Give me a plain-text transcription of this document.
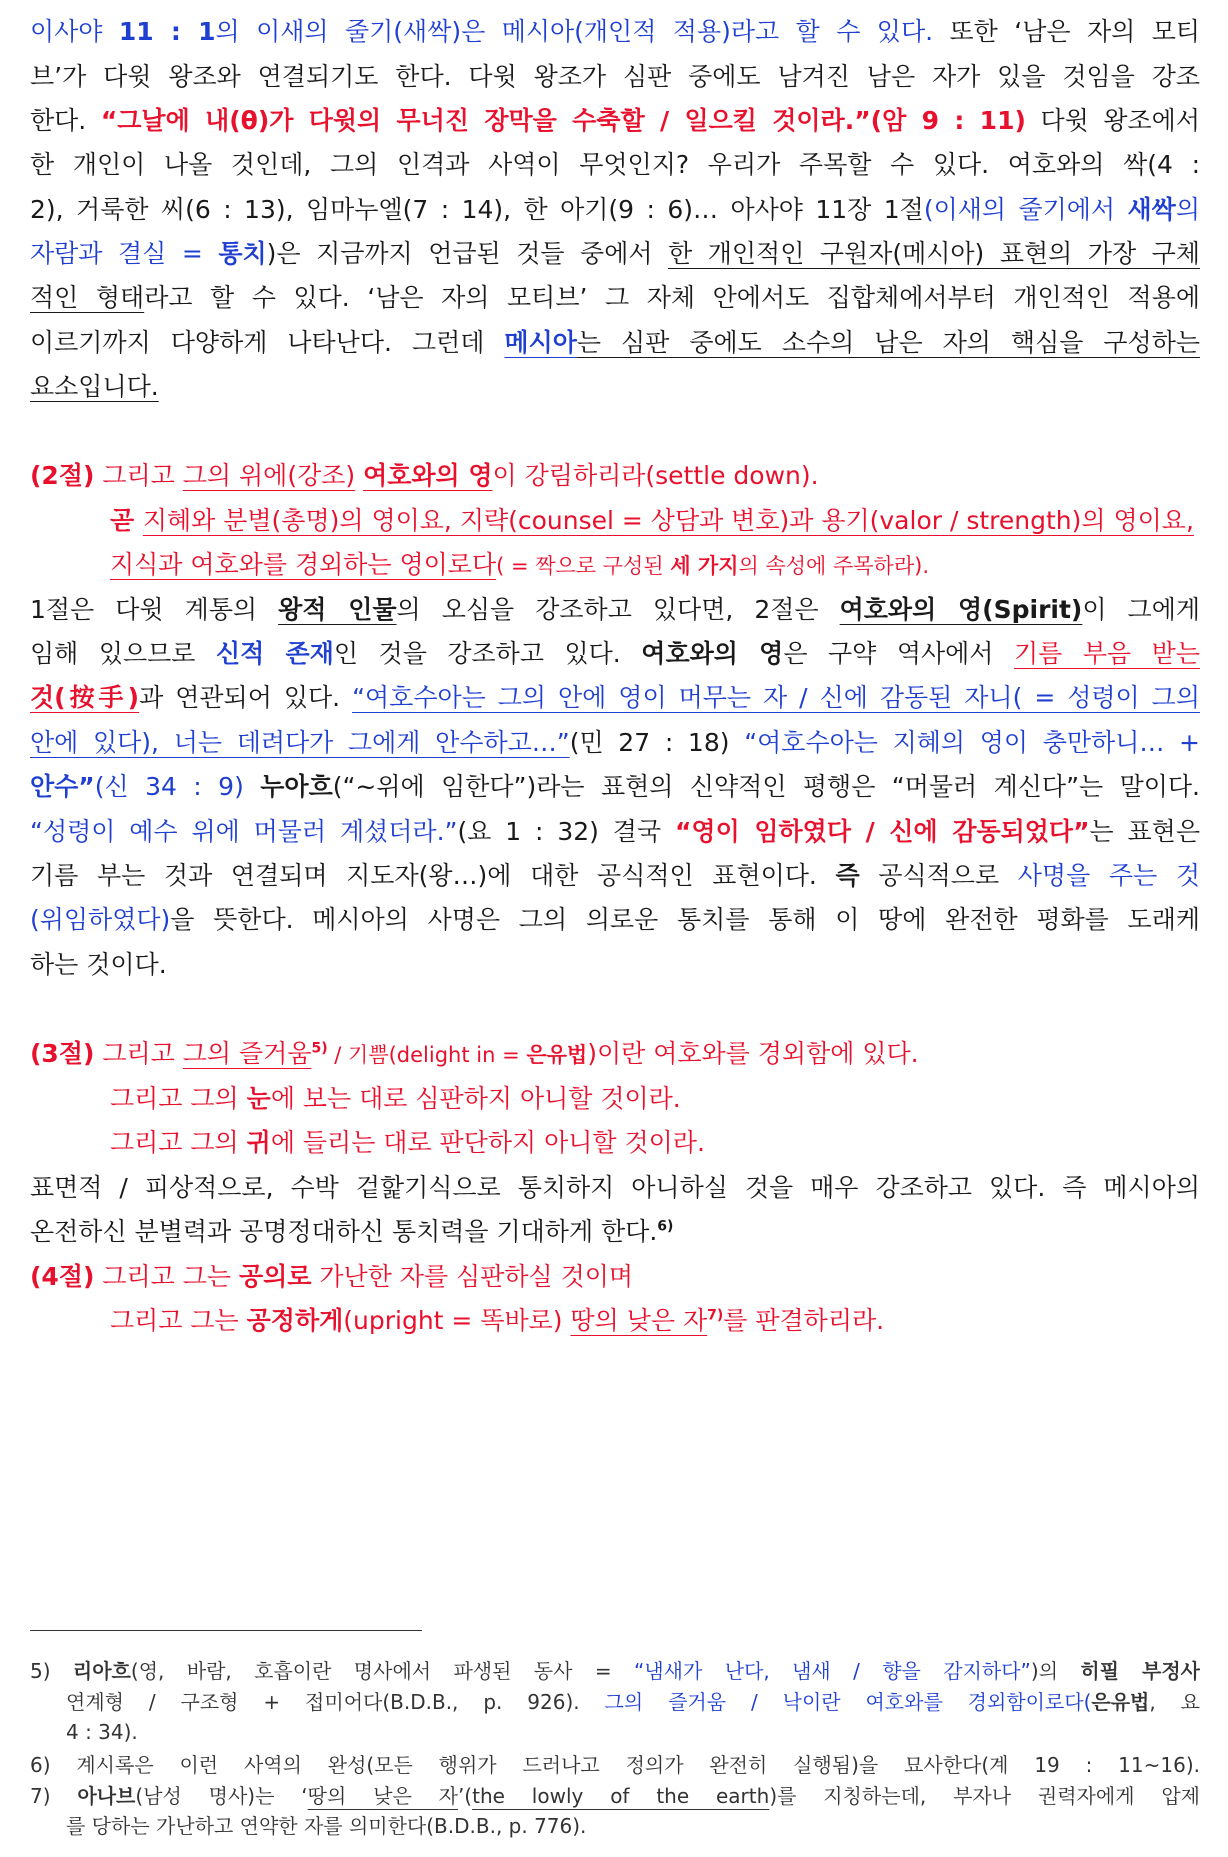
이사야 11 : 1의 이새의 줄기(새싹)은 메시아(개인적 적용)라고 할 수 있다. 또한 ‘남은 자의 모티
브’가 다윗 왕조와 연결되기도 한다. 다윗 왕조가 심판 중에도 남겨진 남은 자가 있을 것임을 강조
한다. “그날에 내(θ)가 다윗의 무너진 장막을 수축할 / 일으킬 것이라.”(암 9 : 11) 다윗 왕조에서
한 개인이 나올 것인데, 그의 인격과 사역이 무엇인지? 우리가 주목할 수 있다. 여호와의 싹(4 :
2), 거룩한 씨(6 : 13), 임마누엘(7 : 14), 한 아기(9 : 6)… 아사야 11장 1절(이새의 줄기에서 새싹의
자람과 결실 = 통치)은 지금까지 언급된 것들 중에서 한 개인적인 구원자(메시아) 표현의 가장 구체
적인 형태라고 할 수 있다. ‘남은 자의 모티브’ 그 자체 안에서도 집합체에서부터 개인적인 적용에
이르기까지 다양하게 나타난다. 그런데 메시아는 심판 중에도 소수의 남은 자의 핵심을 구성하는
요소입니다.
(2절) 그리고 그의 위에(강조) 여호와의 영이 강림하리라(settle down).
곧 지혜와 분별(총명)의 영이요, 지략(counsel = 상담과 변호)과 용기(valor / strength)의 영이요,
지식과 여호와를 경외하는 영이로다( = 짝으로 구성된 세 가지의 속성에 주목하라).
1절은 다윗 계통의 왕적 인물의 오심을 강조하고 있다면, 2절은 여호와의 영(Spirit)이 그에게
임해 있으므로 신적 존재인 것을 강조하고 있다. 여호와의 영은 구약 역사에서 기름 부음 받는
것(按手)과 연관되어 있다. “여호수아는 그의 안에 영이 머무는 자 / 신에 감동된 자니( = 성령이 그의
안에 있다), 너는 데려다가 그에게 안수하고…”(민 27 : 18) “여호수아는 지혜의 영이 충만하니… +
안수”(신 34 : 9) 누아흐(“~위에 임한다”)라는 표현의 신약적인 평행은 “머물러 계신다”는 말이다.
“성령이 예수 위에 머물러 계셨더라.”(요 1 : 32) 결국 “영이 임하였다 / 신에 감동되었다”는 표현은
기름 부는 것과 연결되며 지도자(왕…)에 대한 공식적인 표현이다. 즉 공식적으로 사명을 주는 것
(위임하였다)을 뜻한다. 메시아의 사명은 그의 의로운 통치를 통해 이 땅에 완전한 평화를 도래케
하는 것이다.
(3절) 그리고 그의 즐거움$^{5)}$ / 기쁨(delight in = 은유법)이란 여호와를 경외함에 있다.
그리고 그의 눈에 보는 대로 심판하지 아니할 것이라.
그리고 그의 귀에 들리는 대로 판단하지 아니할 것이라.
표면적 / 피상적으로, 수박 겉핥기식으로 통치하지 아니하실 것을 매우 강조하고 있다. 즉 메시아의
온전하신 분별력과 공명정대하신 통치력을 기대하게 한다.$^{6)}$
(4절) 그리고 그는 공의로 가난한 자를 심판하실 것이며
그리고 그는 공정하게(upright = 똑바로) 땅의 낮은 자$^{7)}$를 판결하리라.
5) 리아흐(영, 바람, 호흡이란 명사에서 파생된 동사 = “냄새가 난다, 냄새 / 향을 감지하다”)의 히필 부정사
연계형 / 구조형 + 접미어다(B.D.B., p. 926). 그의 즐거움 / 낙이란 여호와를 경외함이로다(은유법, 요
4 : 34).
6) 계시록은 이런 사역의 완성(모든 행위가 드러나고 정의가 완전히 실행됨)을 묘사한다(계 19 : 11~16).
7) 아나브(남성 명사)는 ‘땅의 낮은 자’(the lowly of the earth)를 지칭하는데, 부자나 권력자에게 압제
를 당하는 가난하고 연약한 자를 의미한다(B.D.B., p. 776).
